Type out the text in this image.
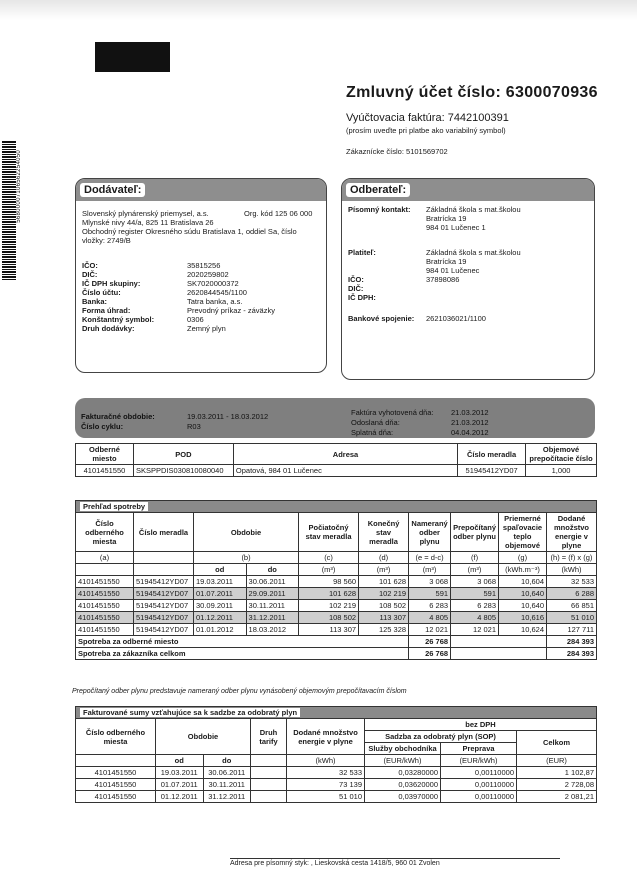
56800007106562254050
Zmluvný účet číslo: 6300070936
Vyúčtovacia faktúra: 7442100391
(prosím uveďte pri platbe ako variabilný symbol)
Zákaznícke číslo: 5101569702
Dodávateľ:
Slovenský plynárenský priemysel, a.s.	Org. kód 125 06 000
Mlynské nivy 44/a, 825 11 Bratislava 26
Obchodný register Okresného súdu Bratislava 1, oddiel Sa, číslo
vložky: 2749/B
IČO:	35815256
DIČ:	2020259802
IČ DPH skupiny:	SK7020000372
Číslo účtu:	2620844545/1100
Banka:	Tatra banka, a.s.
Forma úhrad:	Prevodný príkaz - záväzky
Konštantný symbol:	0306
Druh dodávky:	Zemný plyn
Odberateľ:
Písomný kontakt:	Základná škola s mat.školou
Bratrícka 19
984 01 Lučenec 1
Platiteľ:	Základná škola s mat.školou
Bratrícka 19
984 01 Lučenec
IČO:	37898086
DIČ:
IČ DPH:
Bankové spojenie:	2621036021/1100
Fakturačné obdobie:	19.03.2011 - 18.03.2012
Číslo cyklu:	R03
Faktúra vyhotovená dňa: 21.03.2012
Odoslaná dňa:	21.03.2012
Splatná dňa:	04.04.2012
Odberné miesto	POD	Adresa	Číslo meradla	Objemové prepočítacie číslo
4101451550	SKSPPDIS030810080040	Opatová, 984 01 Lučenec	51945412YD07	1,000
Prehľad spotreby									
Číslo odberného miesta	Číslo meradla	Obdobie		Počiatočný stav meradla	Konečný stav meradla	Nameraný odber plynu	Prepočítaný odber plynu	Priemerné spaľovacie teplo objemové	Dodané množstvo energie v plyne

(a)		(b)		(c)	(d)	(e = d-c)	(f)	(g)	(h) = (f) x (g)
		od	do	(m³)	(m³)	(m³)	(m³)	(kWh.m⁻³)	(kWh)
4101451550	51945412YD07	19.03.2011	30.06.2011	98 560	101 628	3 068	3 068	10,604	32 533
4101451550	51945412YD07	01.07.2011	29.09.2011	101 628	102 219	591	591	10,640	6 288
4101451550	51945412YD07	30.09.2011	30.11.2011	102 219	108 502	6 283	6 283	10,640	66 851
4101451550	51945412YD07	01.12.2011	31.12.2011	108 502	113 307	4 805	4 805	10,616	51 010
4101451550	51945412YD07	01.01.2012	18.03.2012	113 307	125 328	12 021	12 021	10,624	127 711
Spotreba za odberné miesto						26 768			284 393
Spotreba za zákazníka celkom						26 768			284 393
Prepočítaný odber plynu predstavuje nameraný odber plynu vynásobený objemovým prepočítavacím číslom
Fakturované sumy vzťahujúce sa k sadzbe za odobratý plyn							
Číslo odberného miesta	Obdobie		Druh tarify	Dodané množstvo energie v plyne	bez DPH		
					Sadzba za odobratý plyn (SOP)		Celkom
					Služby obchodníka	Preprava	
	od	do		(kWh)	(EUR/kWh)	(EUR/kWh)	(EUR)
4101451550	19.03.2011	30.06.2011		32 533	0,03280000	0,00110000	1 102,87
4101451550	01.07.2011	30.11.2011		73 139	0,03620000	0,00110000	2 728,08
4101451550	01.12.2011	31.12.2011		51 010	0,03970000	0,00110000	2 081,21
Adresa pre písomný styk: , Lieskovská cesta 1418/5, 960 01 Zvolen
